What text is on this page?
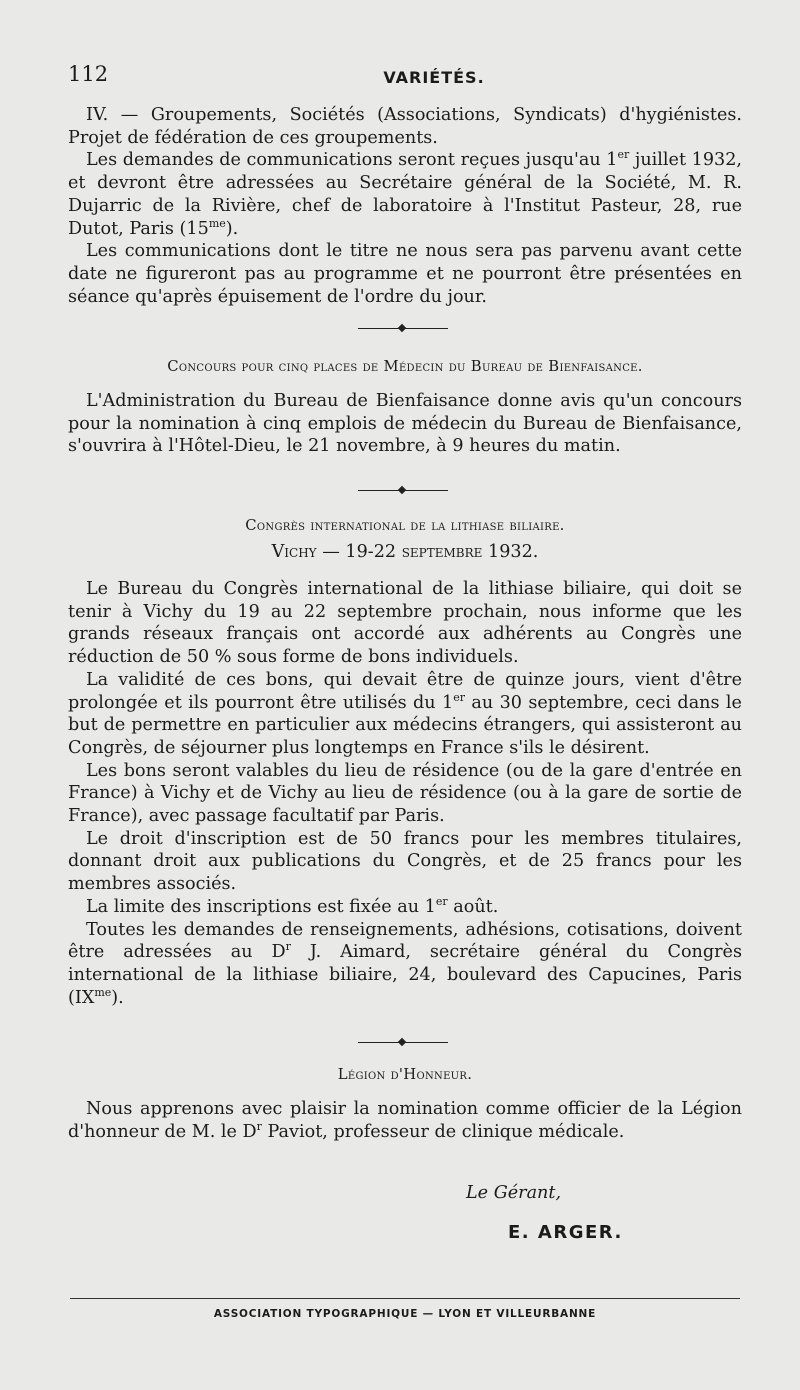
112	VARIÉTÉS.

IV. — Groupements, Sociétés (Associations, Syndicats) d'hygiénistes. Projet de fédération de ces groupements.

Les demandes de communications seront reçues jusqu'au 1er juillet 1932, et devront être adressées au Secrétaire général de la Société, M. R. Dujarric de la Rivière, chef de laboratoire à l'Institut Pasteur, 28, rue Dutot, Paris $(15^{me})$.

Les communications dont le titre ne nous sera pas parvenu avant cette date ne figureront pas au programme et ne pourront être présentées en séance qu'après épuisement de l'ordre du jour.

Concours pour cinq places de Médecin du Bureau de Bienfaisance.

L'Administration du Bureau de Bienfaisance donne avis qu'un concours pour la nomination à cinq emplois de médecin du Bureau de Bienfaisance, s'ouvrira à l'Hôtel-Dieu, le 21 novembre, à 9 heures du matin.

Congrès international de la lithiase biliaire.
Vichy — 19-22 septembre 1932.

Le Bureau du Congrès international de la lithiase biliaire, qui doit se tenir à Vichy du 19 au 22 septembre prochain, nous informe que les grands réseaux français ont accordé aux adhérents au Congrès une réduction de 50 % sous forme de bons individuels.

La validité de ces bons, qui devait être de quinze jours, vient d'être prolongée et ils pourront être utilisés du 1er au 30 septembre, ceci dans le but de permettre en particulier aux médecins étrangers, qui assisteront au Congrès, de séjourner plus longtemps en France s'ils le désirent.

Les bons seront valables du lieu de résidence (ou de la gare d'entrée en France) à Vichy et de Vichy au lieu de résidence (ou à la gare de sortie de France), avec passage facultatif par Paris.

Le droit d'inscription est de 50 francs pour les membres titulaires, donnant droit aux publications du Congrès, et de 25 francs pour les membres associés.

La limite des inscriptions est fixée au 1er août.

Toutes les demandes de renseignements, adhésions, cotisations, doivent être adressées au $D^r$ J. Aimard, secrétaire général du Congrès international de la lithiase biliaire, 24, boulevard des Capucines, Paris $(IX^{me})$.

Légion d'Honneur.

Nous apprenons avec plaisir la nomination comme officier de la Légion d'honneur de M. le $D^r$ Paviot, professeur de clinique médicale.

Le Gérant,
E. ARGER.
ASSOCIATION TYPOGRAPHIQUE — LYON ET VILLEURBANNE
